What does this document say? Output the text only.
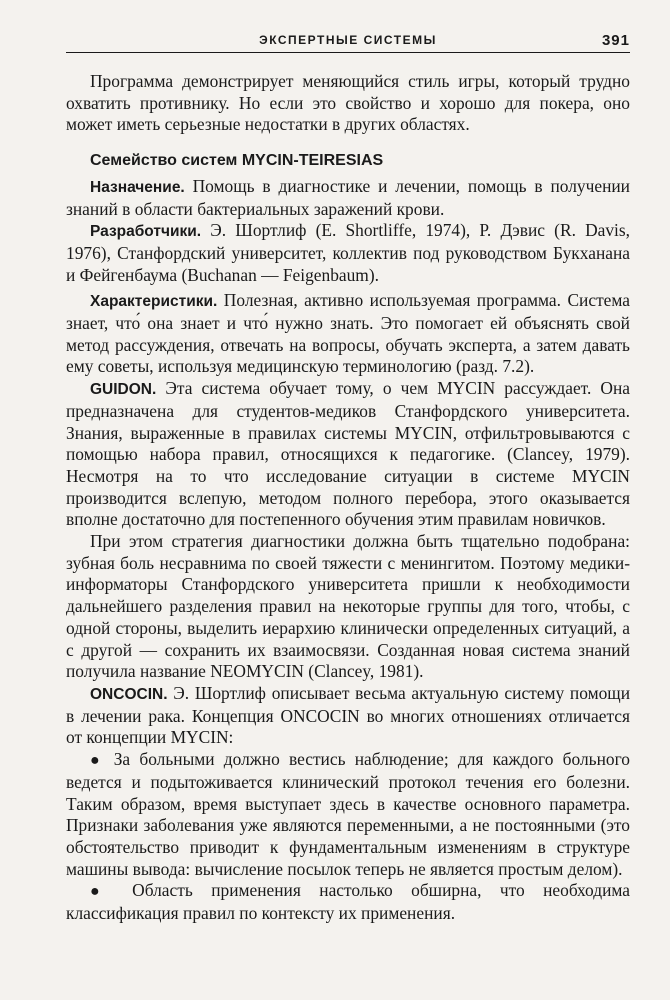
ЭКСПЕРТНЫЕ СИСТЕМЫ	391

Программа демонстрирует меняющийся стиль игры, который трудно охватить противнику. Но если это свойство и хорошо для покера, оно может иметь серьезные недостатки в других областях.

Семейство систем MYCIN-TEIRESIAS

Назначение. Помощь в диагностике и лечении, помощь в получении знаний в области бактериальных заражений крови.

Разработчики. Э. Шортлиф (E. Shortliffe, 1974), Р. Дэвис (R. Davis, 1976), Станфордский университет, коллектив под руководством Букханана и Фейгенбаума (Buchanan — Feigenbaum).

Характеристики. Полезная, активно используемая программа. Система знает, что́ она знает и что́ нужно знать. Это помогает ей объяснять свой метод рассуждения, отвечать на вопросы, обучать эксперта, а затем давать ему советы, используя медицинскую терминологию (разд. 7.2).

GUIDON. Эта система обучает тому, о чем MYCIN рассуждает. Она предназначена для студентов-медиков Станфордского университета. Знания, выраженные в правилах системы MYCIN, отфильтровываются с помощью набора правил, относящихся к педагогике. (Clancey, 1979). Несмотря на то что исследование ситуации в системе MYCIN производится вслепую, методом полного перебора, этого оказывается вполне достаточно для постепенного обучения этим правилам новичков.

При этом стратегия диагностики должна быть тщательно подобрана: зубная боль несравнима по своей тяжести с менингитом. Поэтому медики-информаторы Станфордского университета пришли к необходимости дальнейшего разделения правил на некоторые группы для того, чтобы, с одной стороны, выделить иерархию клинически определенных ситуаций, а с другой — сохранить их взаимосвязи. Созданная новая система знаний получила название NEOMYCIN (Clancey, 1981).

ONCOCIN. Э. Шортлиф описывает весьма актуальную систему помощи в лечении рака. Концепция ONCOCIN во многих отношениях отличается от концепции MYCIN:

● За больными должно вестись наблюдение; для каждого больного ведется и подытоживается клинический протокол течения его болезни. Таким образом, время выступает здесь в качестве основного параметра. Признаки заболевания уже являются переменными, а не постоянными (это обстоятельство приводит к фундаментальным изменениям в структуре машины вывода: вычисление посылок теперь не является простым делом).

● Область применения настолько обширна, что необходима классификация правил по контексту их применения.
